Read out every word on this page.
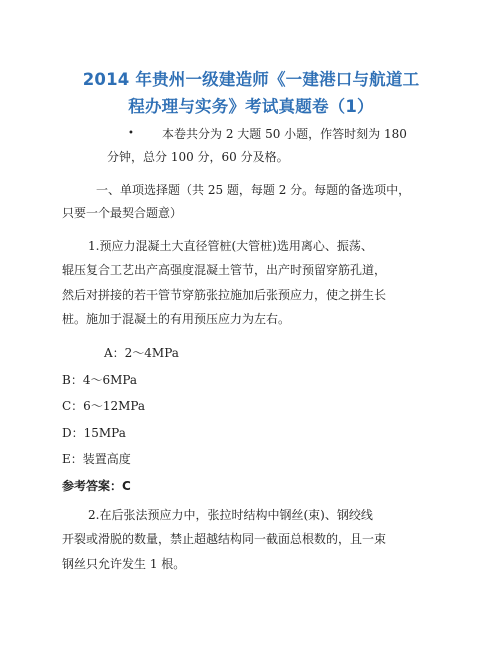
2014 年贵州一级建造师《一建港口与航道工
程办理与实务》考试真题卷（1）
• 本卷共分为 2 大题 50 小题，作答时刻为 180
分钟，总分 100 分，60 分及格。
一、单项选择题（共 25 题，每题 2 分。每题的备选项中，
只要一个最契合题意）
1.预应力混凝土大直径管桩(大管桩)选用离心、振荡、
辊压复合工艺出产高强度混凝土管节，出产时预留穿筋孔道，
然后对拼接的若干管节穿筋张拉施加后张预应力，使之拼生长
桩。施加于混凝土的有用预压应力为左右。
A：2～4MPa
B：4～6MPa
C：6～12MPa
D：15MPa
E：装置高度
参考答案：C
2.在后张法预应力中，张拉时结构中钢丝(束)、钢绞线
开裂或滑脱的数量，禁止超越结构同一截面总根数的，且一束
钢丝只允许发生 1 根。
